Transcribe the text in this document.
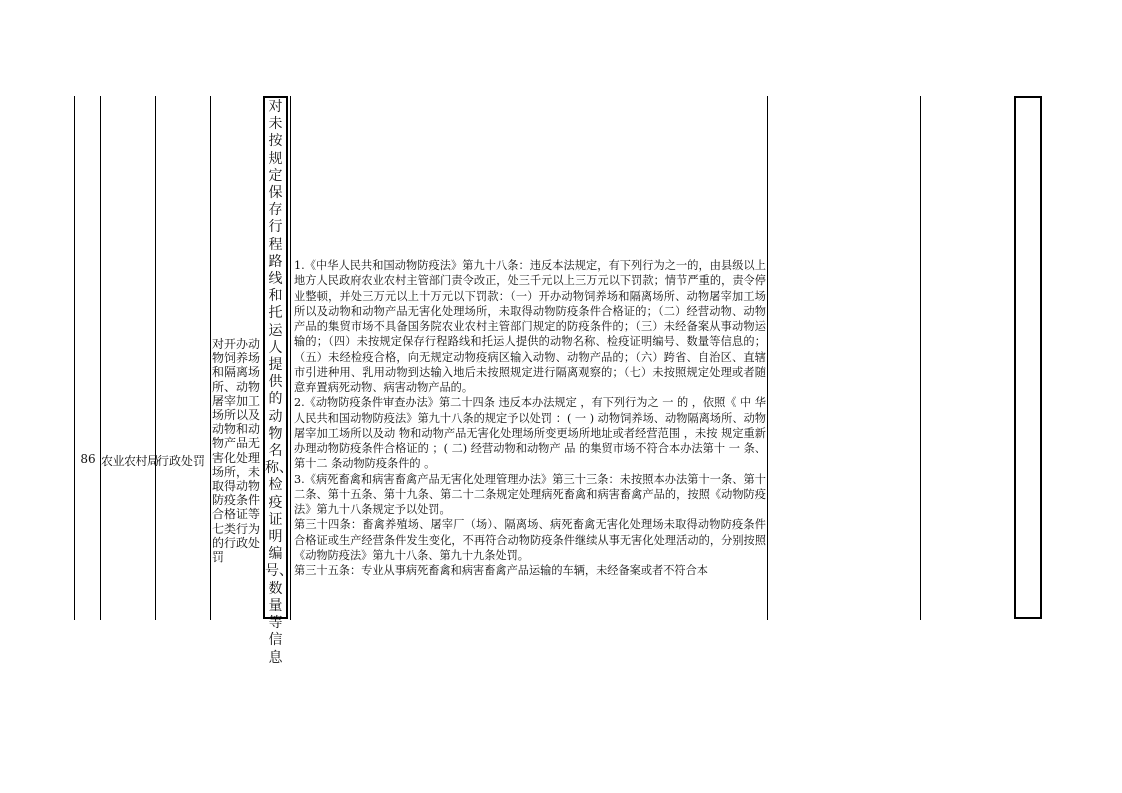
86 农业农村局
行政处罚
对开办动物饲养场和隔离场所、动物屠宰加工场所以及动物和动物产品无害化处理场所，未取得动物防疫条件合格证等七类行为的行政处罚
对未按规定保存行程路线和托运人提供的动物名称、检疫证明编号、数量等信息

1.《中华人民共和国动物防疫法》第九十八条：违反本法规定，有下列行为之一的，由县级以上地方人民政府农业农村主管部门责令改正，处三千元以上三万元以下罚款；情节严重的，责令停业整顿，并处三万元以上十万元以下罚款：（一）开办动物饲养场和隔离场所、动物屠宰加工场所以及动物和动物产品无害化处理场所，未取得动物防疫条件合格证的；（二）经营动物、动物产品的集贸市场不具备国务院农业农村主管部门规定的防疫条件的；（三）未经备案从事动物运输的；（四）未按规定保存行程路线和托运人提供的动物名称、检疫证明编号、数量等信息的；（五）未经检疫合格，向无规定动物疫病区输入动物、动物产品的；（六）跨省、自治区、直辖市引进种用、乳用动物到达输入地后未按照规定进行隔离观察的；（七）未按照规定处理或者随意弃置病死动物、病害动物产品的。

2.《动物防疫条件审查办法》第二十四条 违反本办法规定 ，有下列行为之 一 的 ，依照《 中 华人民共和国动物防疫法》第九十八条的规定予以处罚 ：( 一 ) 动物饲养场、动物隔离场所、动物屠宰加工场所以及动 物和动物产品无害化处理场所变更场所地址或者经营范围 ，未按 规定重新办理动物防疫条件合格证的 ；( 二) 经营动物和动物产 品 的集贸市场不符合本办法第十 一 条、第十二 条动物防疫条件的 。

3.《病死畜禽和病害畜禽产品无害化处理管理办法》第三十三条：未按照本办法第十一条、第十二条、第十五条、第十九条、第二十二条规定处理病死畜禽和病害畜禽产品的，按照《动物防疫法》第九十八条规定予以处罚。

第三十四条：畜禽养殖场、屠宰厂（场）、隔离场、病死畜禽无害化处理场未取得动物防疫条件合格证或生产经营条件发生变化，不再符合动物防疫条件继续从事无害化处理活动的，分别按照《动物防疫法》第九十八条、第九十九条处罚。

第三十五条：专业从事病死畜禽和病害畜禽产品运输的车辆，未经备案或者不符合本
